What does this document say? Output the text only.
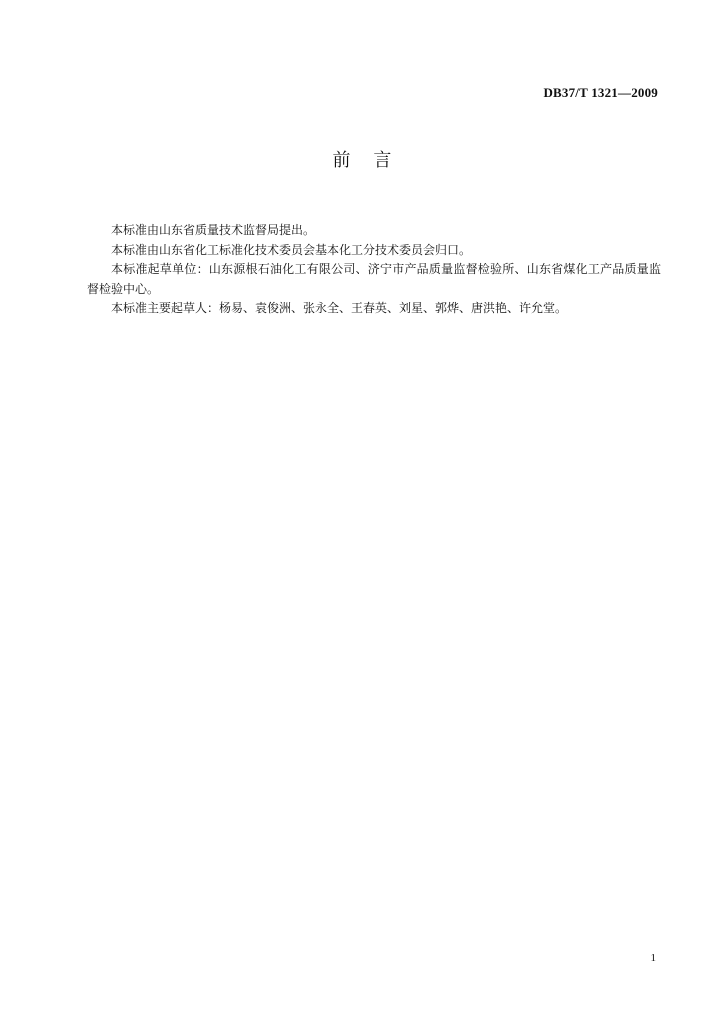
DB37/T 1321—2009
前    言

本标准由山东省质量技术监督局提出。

本标准由山东省化工标准化技术委员会基本化工分技术委员会归口。

本标准起草单位：山东源根石油化工有限公司、济宁市产品质量监督检验所、山东省煤化工产品质量监督检验中心。

本标准主要起草人：杨易、袁俊洲、张永全、王春英、刘星、郭烨、唐洪艳、许允堂。

1
